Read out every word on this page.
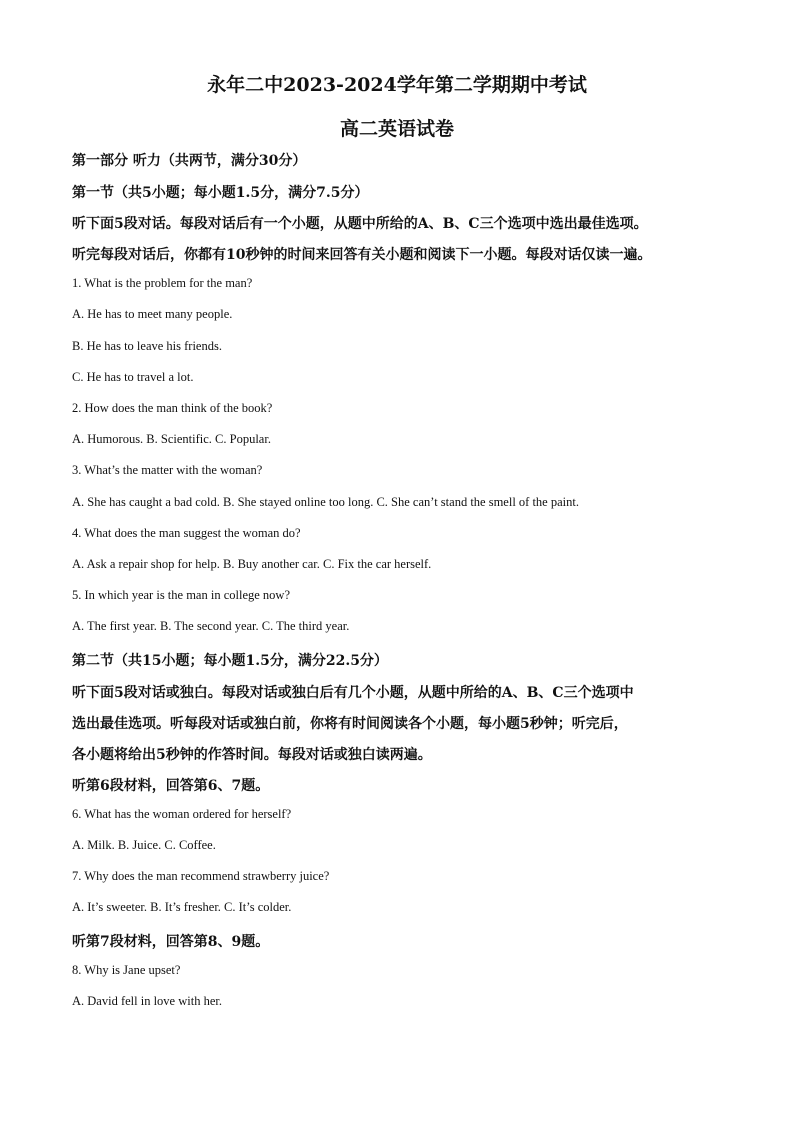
永年二中2023-2024学年第二学期期中考试
高二英语试卷
第一部分 听力（共两节，满分30分）
第一节（共5小题；每小题1.5分，满分7.5分）
听下面5段对话。每段对话后有一个小题，从题中所给的A、B、C三个选项中选出最佳选项。
听完每段对话后，你都有10秒钟的时间来回答有关小题和阅读下一小题。每段对话仅读一遍。
1. What is the problem for the man?
A. He has to meet many people.
B. He has to leave his friends.
C. He has to travel a lot.
2. How does the man think of the book?
A. Humorous. B. Scientific. C. Popular.
3. What’s the matter with the woman?
A. She has caught a bad cold. B. She stayed online too long. C. She can’t stand the smell of the paint.
4. What does the man suggest the woman do?
A. Ask a repair shop for help. B. Buy another car. C. Fix the car herself.
5. In which year is the man in college now?
A. The first year. B. The second year. C. The third year.
第二节（共15小题；每小题1.5分，满分22.5分）
听下面5段对话或独白。每段对话或独白后有几个小题，从题中所给的A、B、C三个选项中
选出最佳选项。听每段对话或独白前，你将有时间阅读各个小题，每小题5秒钟；听完后，
各小题将给出5秒钟的作答时间。每段对话或独白读两遍。
听第6段材料，回答第6、7题。
6. What has the woman ordered for herself?
A. Milk. B. Juice. C. Coffee.
7. Why does the man recommend strawberry juice?
A. It’s sweeter. B. It’s fresher. C. It’s colder.
听第7段材料，回答第8、9题。
8. Why is Jane upset?
A. David fell in love with her.
